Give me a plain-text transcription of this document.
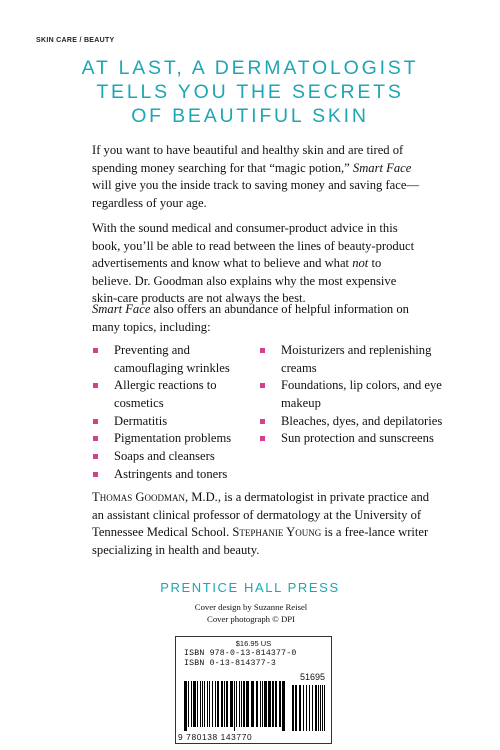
SKIN CARE / BEAUTY
AT LAST, A DERMATOLOGIST
TELLS YOU THE SECRETS
OF BEAUTIFUL SKIN
If you want to have beautiful and healthy skin and are tired of spending money searching for that “magic potion,” Smart Face will give you the inside track to saving money and saving face—regardless of your age.
With the sound medical and consumer-product advice in this book, you’ll be able to read between the lines of beauty-product advertisements and know what to believe and what not to believe. Dr. Goodman also explains why the most expensive skin-care products are not always the best.
Smart Face also offers an abundance of helpful information on many topics, including:
Preventing and camouflaging wrinkles
Allergic reactions to cosmetics
Dermatitis
Pigmentation problems
Soaps and cleansers
Astringents and toners
Moisturizers and replenishing creams
Foundations, lip colors, and eye makeup
Bleaches, dyes, and depilatories
Sun protection and sunscreens
Thomas Goodman, M.D., is a dermatologist in private practice and an assistant clinical professor of dermatology at the University of Tennessee Medical School. Stephanie Young is a free-lance writer specializing in health and beauty.
PRENTICE HALL PRESS
Cover design by Suzanne Reisel
Cover photograph © DPI
$16.95 US
ISBN 978-0-13-814377-0
ISBN 0-13-814377-3
51695
9 780138 143770
